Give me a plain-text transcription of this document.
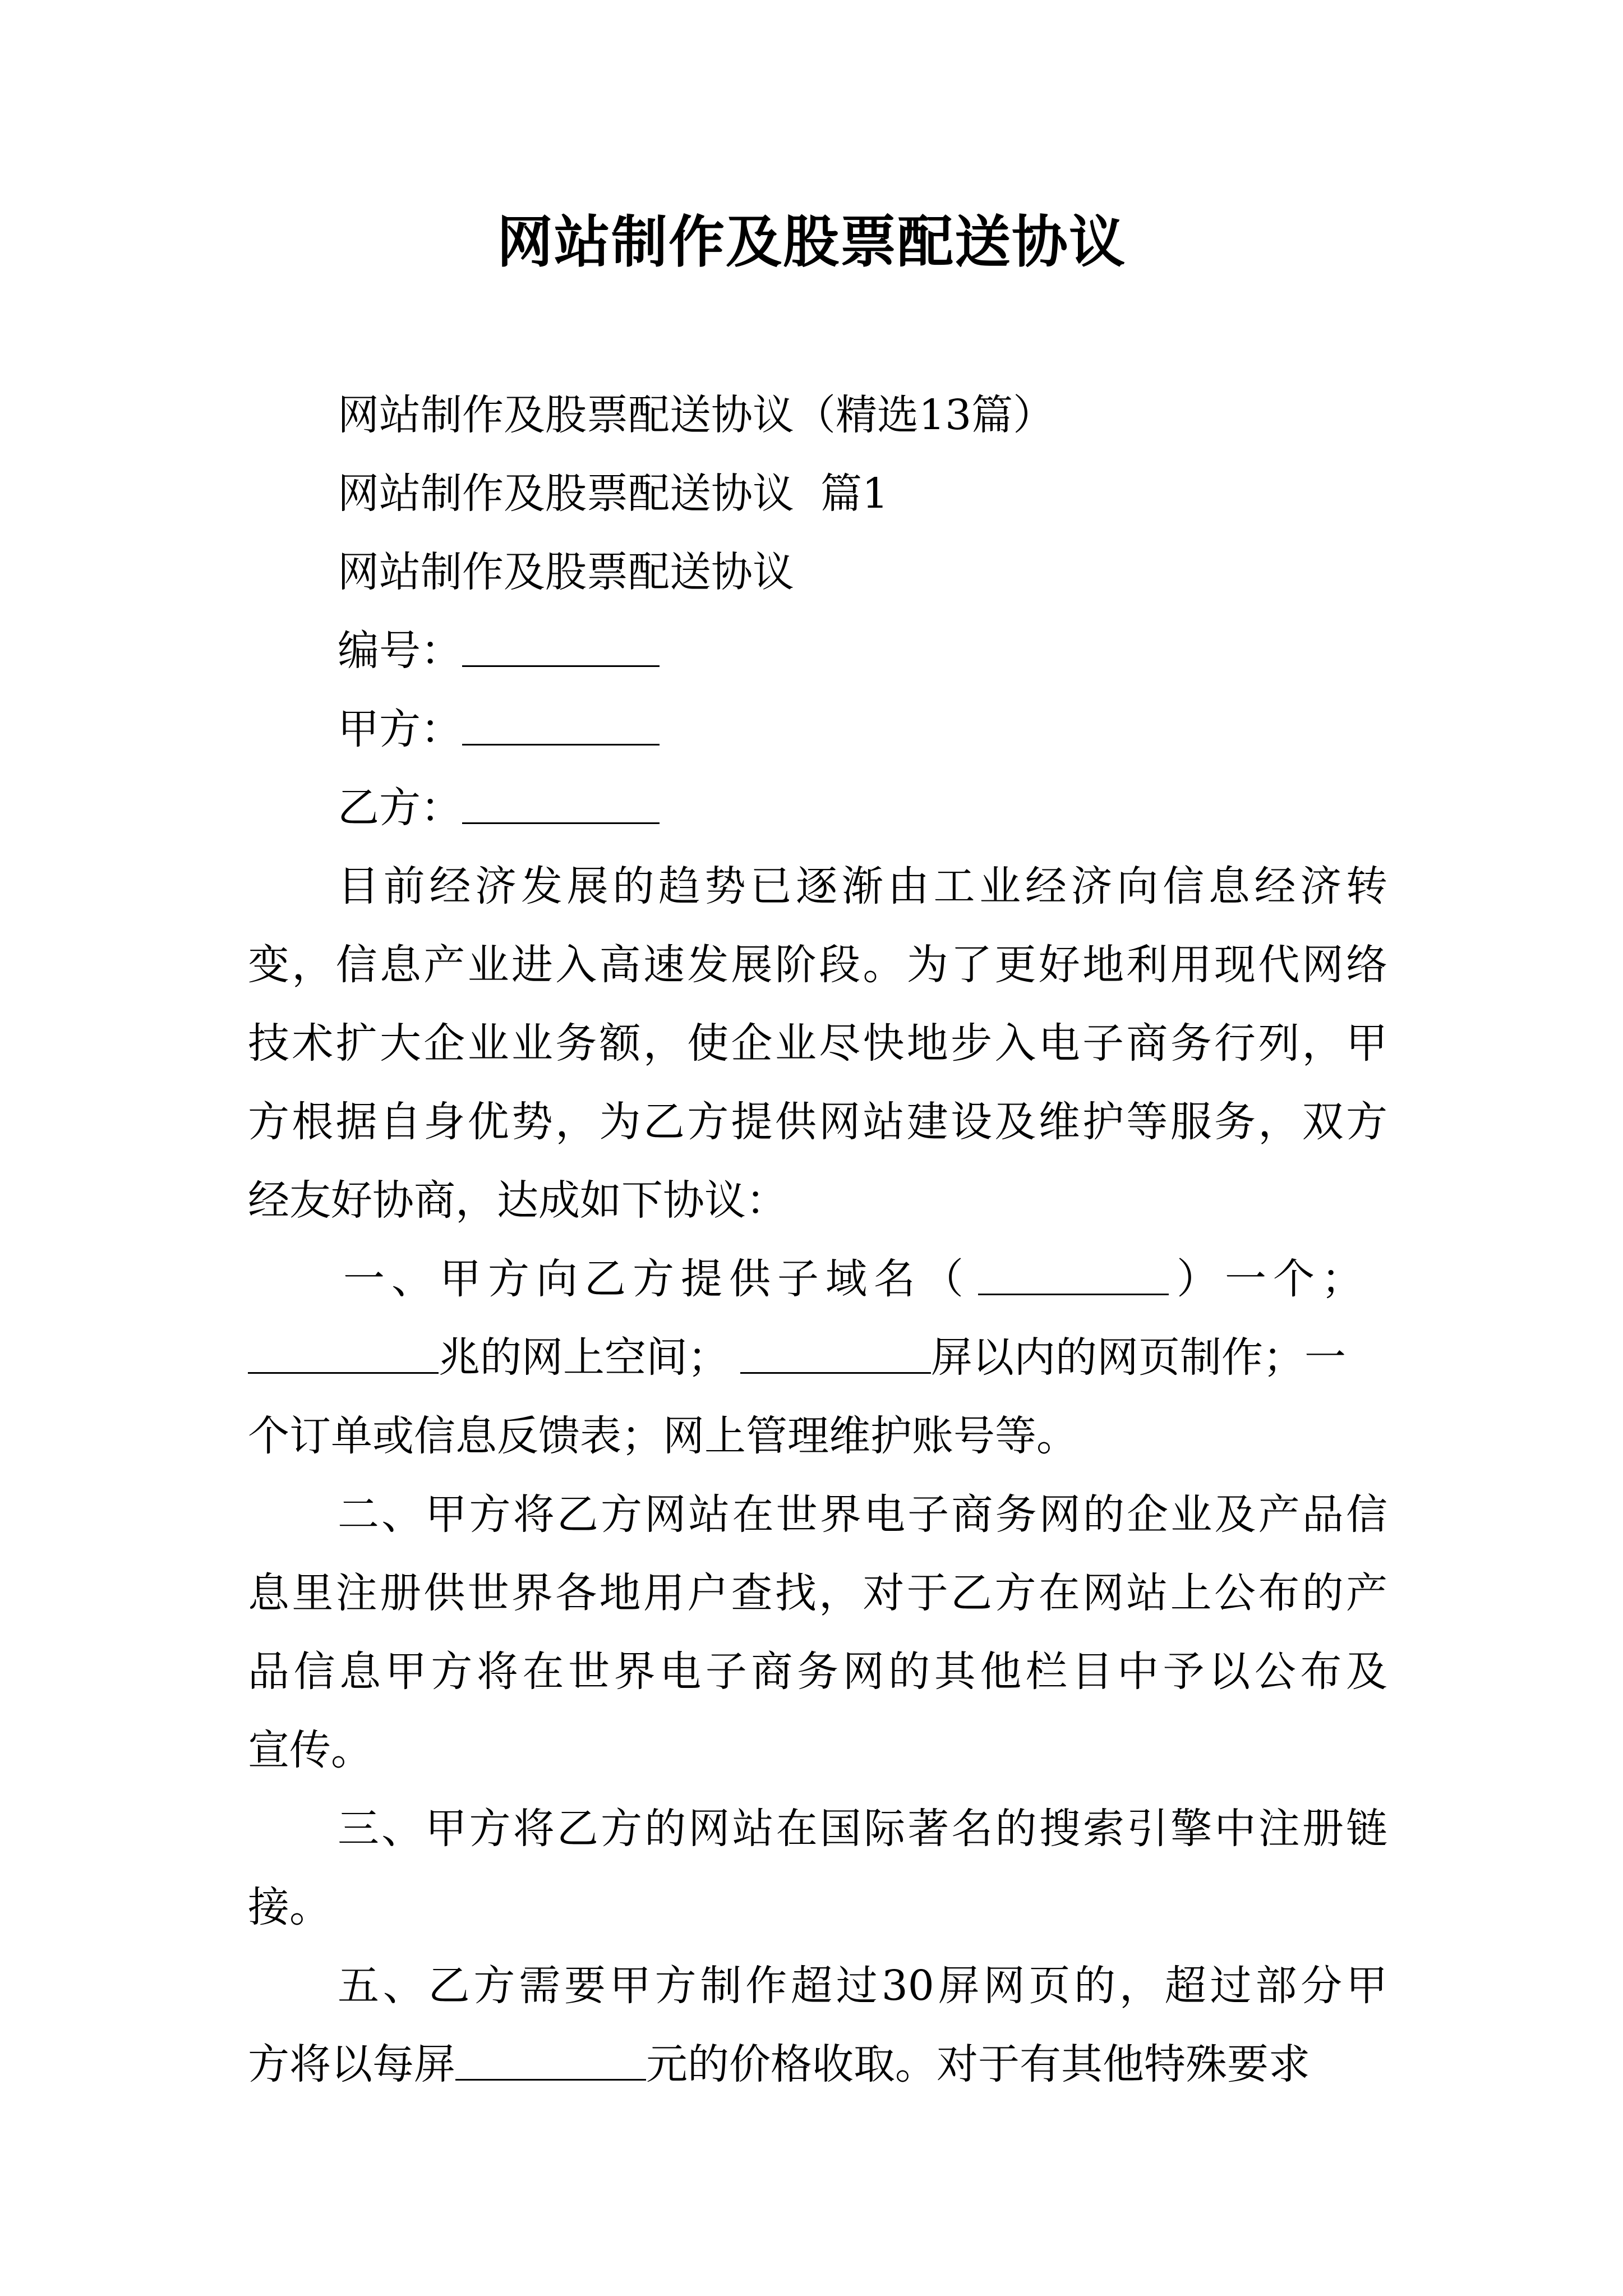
网站制作及股票配送协议
网站制作及股票配送协议（精选13篇）
网站制作及股票配送协议  篇1
网站制作及股票配送协议
编号：
甲方：
乙方：
目前经济发展的趋势已逐渐由工业经济向信息经济转
变，信息产业进入高速发展阶段。为了更好地利用现代网络
技术扩大企业业务额，使企业尽快地步入电子商务行列，甲
方根据自身优势，为乙方提供网站建设及维护等服务，双方
经友好协商，达成如下协议：
一、甲方向乙方提供子域名（	）一个；
兆的网上空间；	屏以内的网页制作；一
个订单或信息反馈表；网上管理维护账号等。
二、甲方将乙方网站在世界电子商务网的企业及产品信
息里注册供世界各地用户查找，对于乙方在网站上公布的产
品信息甲方将在世界电子商务网的其他栏目中予以公布及
宣传。
三、甲方将乙方的网站在国际著名的搜索引擎中注册链
接。
五、乙方需要甲方制作超过30屏网页的，超过部分甲
方将以每屏	元的价格收取。对于有其他特殊要求
